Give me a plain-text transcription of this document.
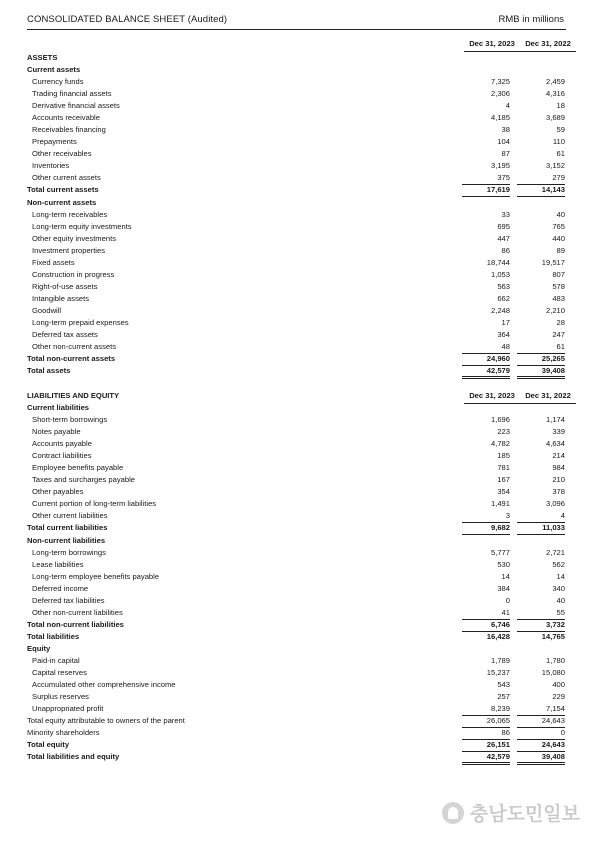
CONSOLIDATED BALANCE SHEET (Audited)	RMB in millions
Dec 31, 2023	Dec 31, 2022
ASSETS
Current assets
Currency funds	7,325	2,459
Trading financial assets	2,306	4,316
Derivative financial assets	4	18
Accounts receivable	4,185	3,689
Receivables financing	38	59
Prepayments	104	110
Other receivables	87	61
Inventories	3,195	3,152
Other current assets	375	279
Total current assets	17,619	14,143
Non-current assets
Long-term receivables	33	40
Long-term equity investments	695	765
Other equity investments	447	440
Investment properties	86	89
Fixed assets	18,744	19,517
Construction in progress	1,053	807
Right-of-use assets	563	578
Intangible assets	662	483
Goodwill	2,248	2,210
Long-term prepaid expenses	17	28
Deferred tax assets	364	247
Other non-current assets	48	61
Total non-current assets	24,960	25,265
Total assets	42,579	39,408
LIABILITIES AND EQUITY	Dec 31, 2023	Dec 31, 2022
Current liabilities
Short-term borrowings	1,696	1,174
Notes payable	223	339
Accounts payable	4,782	4,634
Contract liabilities	185	214
Employee benefits payable	781	984
Taxes and surcharges payable	167	210
Other payables	354	378
Current portion of long-term liabilities	1,491	3,096
Other current liabilities	3	4
Total current liabilities	9,682	11,033
Non-current liabilities
Long-term borrowings	5,777	2,721
Lease liabilities	530	562
Long-term employee benefits payable	14	14
Deferred income	384	340
Deferred tax liabilities	0	40
Other non-current liabilities	41	55
Total non-current liabilities	6,746	3,732
Total liabilities	16,428	14,765
Equity
Paid-in capital	1,789	1,780
Capital reserves	15,237	15,080
Accumulated other comprehensive income	543	400
Surplus reserves	257	229
Unappropriated profit	8,239	7,154
Total equity attributable to owners of the parent	26,065	24,643
Minority shareholders	86	0
Total equity	26,151	24,643
Total liabilities and equity	42,579	39,408
충남도민일보
